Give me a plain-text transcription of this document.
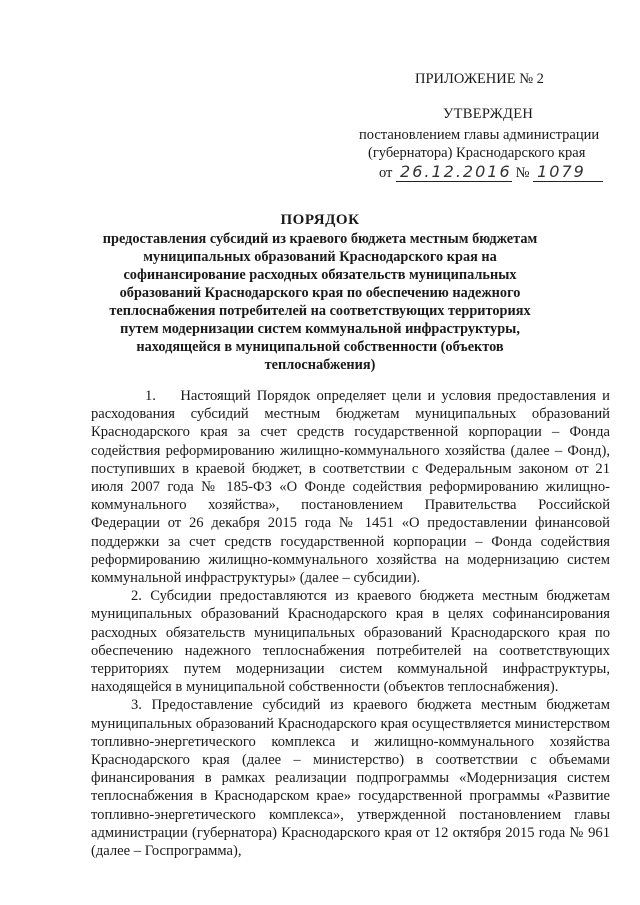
ПРИЛОЖЕНИЕ № 2
УТВЕРЖДЕН
постановлением главы администрации
(губернатора) Краснодарского края
от 26.12.2016 № 1079
ПОРЯДОК
предоставления субсидий из краевого бюджета местным бюджетам муниципальных образований Краснодарского края на софинансирование расходных обязательств муниципальных образований Краснодарского края по обеспечению надежного теплоснабжения потребителей на соответствующих территориях путем модернизации систем коммунальной инфраструктуры, находящейся в муниципальной собственности (объектов теплоснабжения)

1.    Настоящий Порядок определяет цели и условия предоставления и расходования субсидий местным бюджетам муниципальных образований Краснодарского края за счет средств государственной корпорации – Фонда содействия реформированию жилищно-коммунального хозяйства (далее – Фонд), поступивших в краевой бюджет, в соответствии с Федеральным законом от 21 июля 2007 года № 185-ФЗ «О Фонде содействия реформированию жилищно-коммунального хозяйства», постановлением Правительства Российской Федерации от 26 декабря 2015 года № 1451 «О предоставлении финансовой поддержки за счет средств государственной корпорации – Фонда содействия реформированию жилищно-коммунального хозяйства на модернизацию систем коммунальной инфраструктуры» (далее – субсидии).

2. Субсидии предоставляются из краевого бюджета местным бюджетам муниципальных образований Краснодарского края в целях софинансирования расходных обязательств муниципальных образований Краснодарского края по обеспечению надежного теплоснабжения потребителей на соответствующих территориях путем модернизации систем коммунальной инфраструктуры, находящейся в муниципальной собственности (объектов теплоснабжения).

3. Предоставление субсидий из краевого бюджета местным бюджетам муниципальных образований Краснодарского края осуществляется министерством топливно-энергетического комплекса и жилищно-коммунального хозяйства Краснодарского края (далее – министерство) в соответствии с объемами финансирования в рамках реализации подпрограммы «Модернизация систем теплоснабжения в Краснодарском крае» государственной программы «Развитие топливно-энергетического комплекса», утвержденной постановлением главы администрации (губернатора) Краснодарского края от 12 октября 2015 года № 961 (далее – Госпрограмма),
